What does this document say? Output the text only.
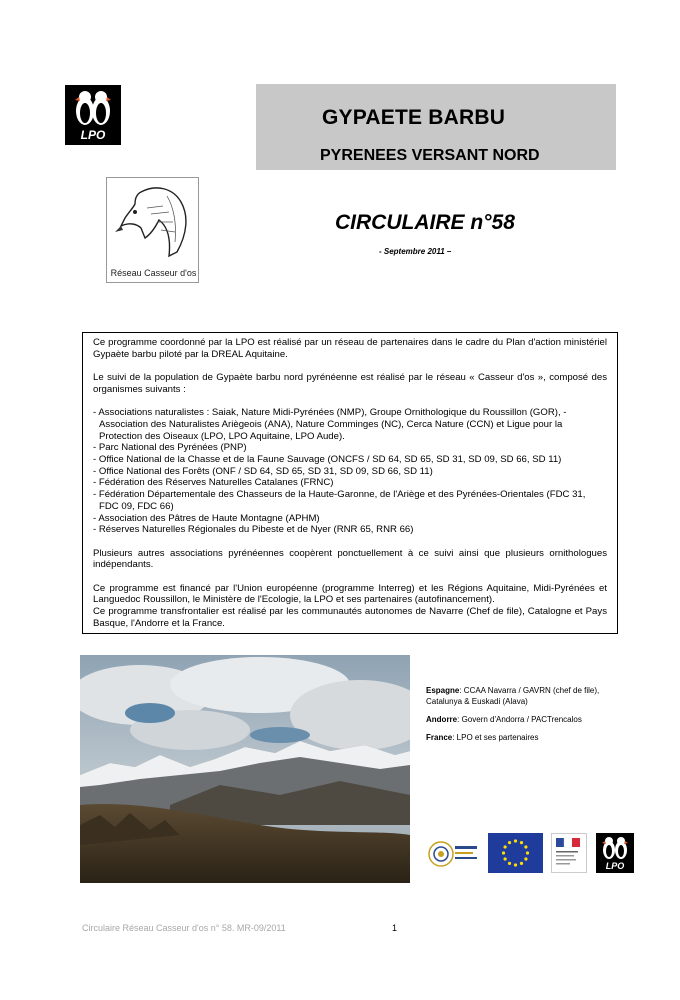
LPO
GYPAETE BARBU
PYRENEES VERSANT NORD
Réseau Casseur d'os
CIRCULAIRE n°58
- Septembre 2011 –

Ce programme coordonné par la LPO est réalisé par un réseau de partenaires dans le cadre du Plan d'action ministériel Gypaète barbu piloté par la DREAL Aquitaine.

Le suivi de la population de Gypaète barbu nord pyrénéenne est réalisé par le réseau « Casseur d'os », composé des organismes suivants :

- Associations naturalistes : Saiak, Nature Midi-Pyrénées (NMP), Groupe Ornithologique du Roussillon (GOR), - Association des Naturalistes Ariègeois (ANA), Nature Comminges (NC), Cerca Nature (CCN) et Ligue pour la Protection des Oiseaux (LPO, LPO Aquitaine, LPO Aude).
- Parc National des Pyrénées (PNP)
- Office National de la Chasse et de la Faune Sauvage (ONCFS / SD 64, SD 65, SD 31, SD 09, SD 66, SD 11)
- Office National des Forêts (ONF / SD 64, SD 65, SD 31, SD 09, SD 66, SD 11)
- Fédération des Réserves Naturelles Catalanes (FRNC)
- Fédération Départementale des Chasseurs de la Haute-Garonne, de l'Ariège et des Pyrénées-Orientales (FDC 31, FDC 09, FDC 66)
- Association des Pâtres de Haute Montagne (APHM)
- Réserves Naturelles Régionales du Pibeste et de Nyer (RNR 65, RNR 66)

Plusieurs autres associations pyrénéennes coopèrent ponctuellement à ce suivi ainsi que plusieurs ornithologues indépendants.

Ce programme est financé par l'Union européenne (programme Interreg) et les Régions Aquitaine, Midi-Pyrénées et Languedoc Roussillon, le Ministère de l'Ecologie, la LPO et ses partenaires (autofinancement).

Ce programme transfrontalier est réalisé par les communautés autonomes de Navarre (Chef de file), Catalogne et Pays Basque, l'Andorre et la France.

Espagne: CCAA Navarra / GAVRN (chef de file), Catalunya & Euskadi (Alava)
Andorre: Govern d'Andorra / PACTrencalos
France: LPO et ses partenaires
LPO
Circulaire Réseau Casseur d'os n° 58. MR-09/2011	1
